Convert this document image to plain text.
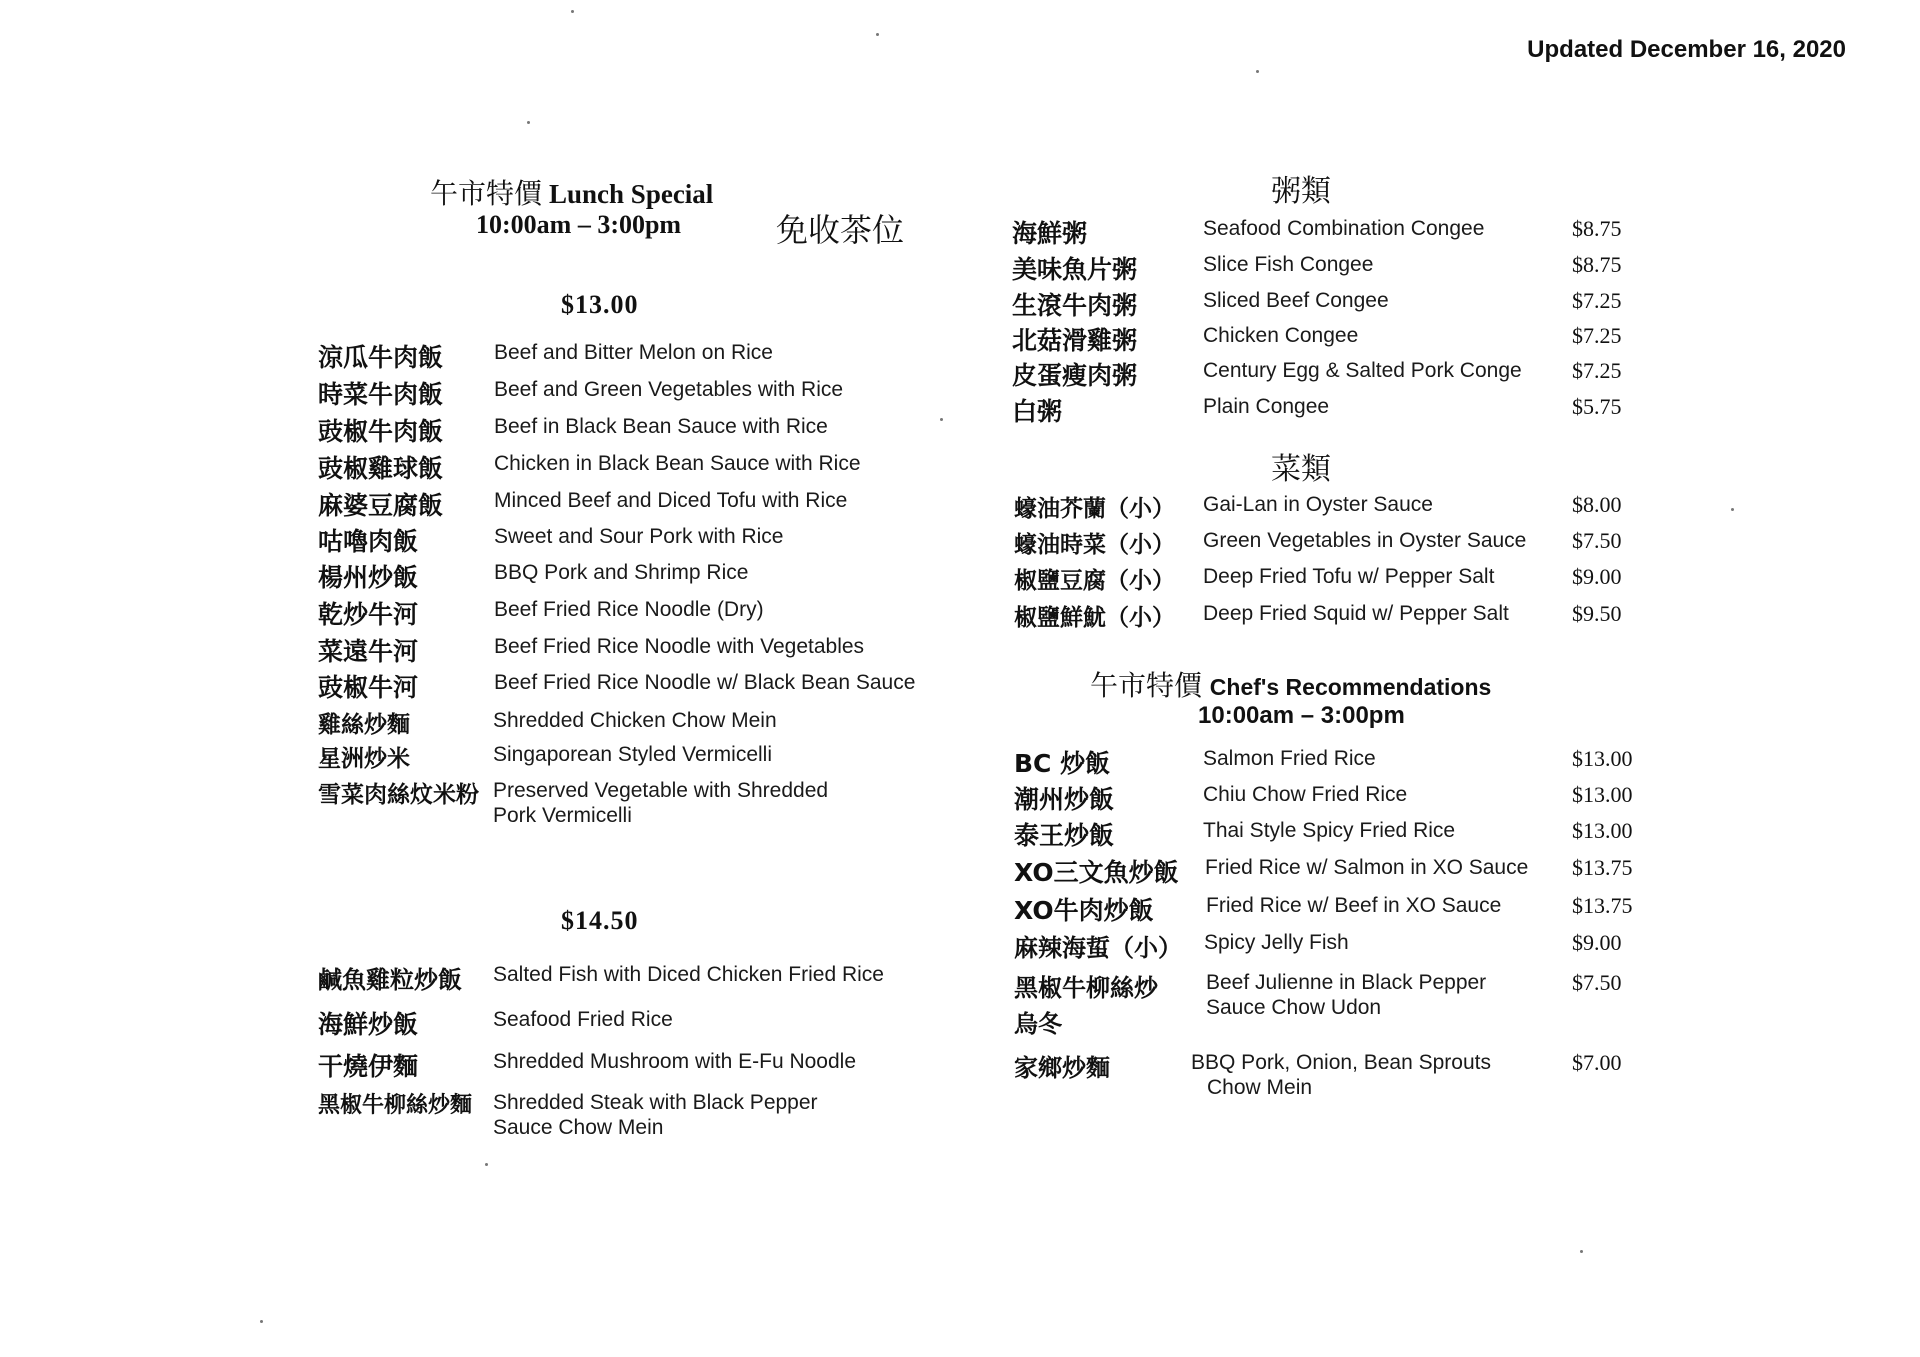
Updated December 16, 2020
午市特價 Lunch Special
10:00am – 3:00pm	免收茶位
$13.00
涼瓜牛肉飯 Beef and Bitter Melon on Rice
時菜牛肉飯 Beef and Green Vegetables with Rice
豉椒牛肉飯 Beef in Black Bean Sauce with Rice
豉椒雞球飯 Chicken in Black Bean Sauce with Rice
麻婆豆腐飯 Minced Beef and Diced Tofu with Rice
咕嚕肉飯	Sweet and Sour Pork with Rice
楊州炒飯	BBQ Pork and Shrimp Rice
乾炒牛河	Beef Fried Rice Noodle (Dry)
菜遠牛河	Beef Fried Rice Noodle with Vegetables
豉椒牛河	Beef Fried Rice Noodle w/ Black Bean Sauce
雞絲炒麵	Shredded Chicken Chow Mein
星洲炒米	Singaporean Styled Vermicelli
雪菜肉絲炆米粉 Preserved Vegetable with Shredded
Pork Vermicelli
$14.50
鹹魚雞粒炒飯 Salted Fish with Diced Chicken Fried Rice
海鮮炒飯	Seafood Fried Rice
干燒伊麵	Shredded Mushroom with E-Fu Noodle
黑椒牛柳絲炒麵 Shredded Steak with Black Pepper
Sauce Chow Mein
粥類
海鮮粥	Seafood Combination Congee	$8.75
美味魚片粥	Slice Fish Congee	$8.75
生滾牛肉粥	Sliced Beef Congee	$7.25
北菇滑雞粥	Chicken Congee	$7.25
皮蛋瘦肉粥	Century Egg & Salted Pork Conge $7.25
白粥	Plain Congee	$5.75
菜類
蠔油芥蘭（小） Gai-Lan in Oyster Sauce	$8.00
蠔油時菜（小） Green Vegetables in Oyster Sauce $7.50
椒鹽豆腐（小） Deep Fried Tofu w/ Pepper Salt	$9.00
椒鹽鮮魷（小） Deep Fried Squid w/ Pepper Salt	$9.50
午市特價 Chef's Recommendations
10:00am – 3:00pm
BC 炒飯	Salmon Fried Rice	$13.00
潮州炒飯	Chiu Chow Fried Rice	$13.00
泰王炒飯	Thai Style Spicy Fried Rice	$13.00
XO三文魚炒飯 Fried Rice w/ Salmon in XO Sauce $13.75
XO牛肉炒飯 Fried Rice w/ Beef in XO Sauce	$13.75
麻辣海蜇（小） Spicy Jelly Fish	$9.00
黑椒牛柳絲炒
烏冬
Beef Julienne in Black Pepper
Sauce Chow Udon
$7.50
家鄉炒麵	BBQ Pork, Onion, Bean Sprouts
Chow Mein
$7.00
